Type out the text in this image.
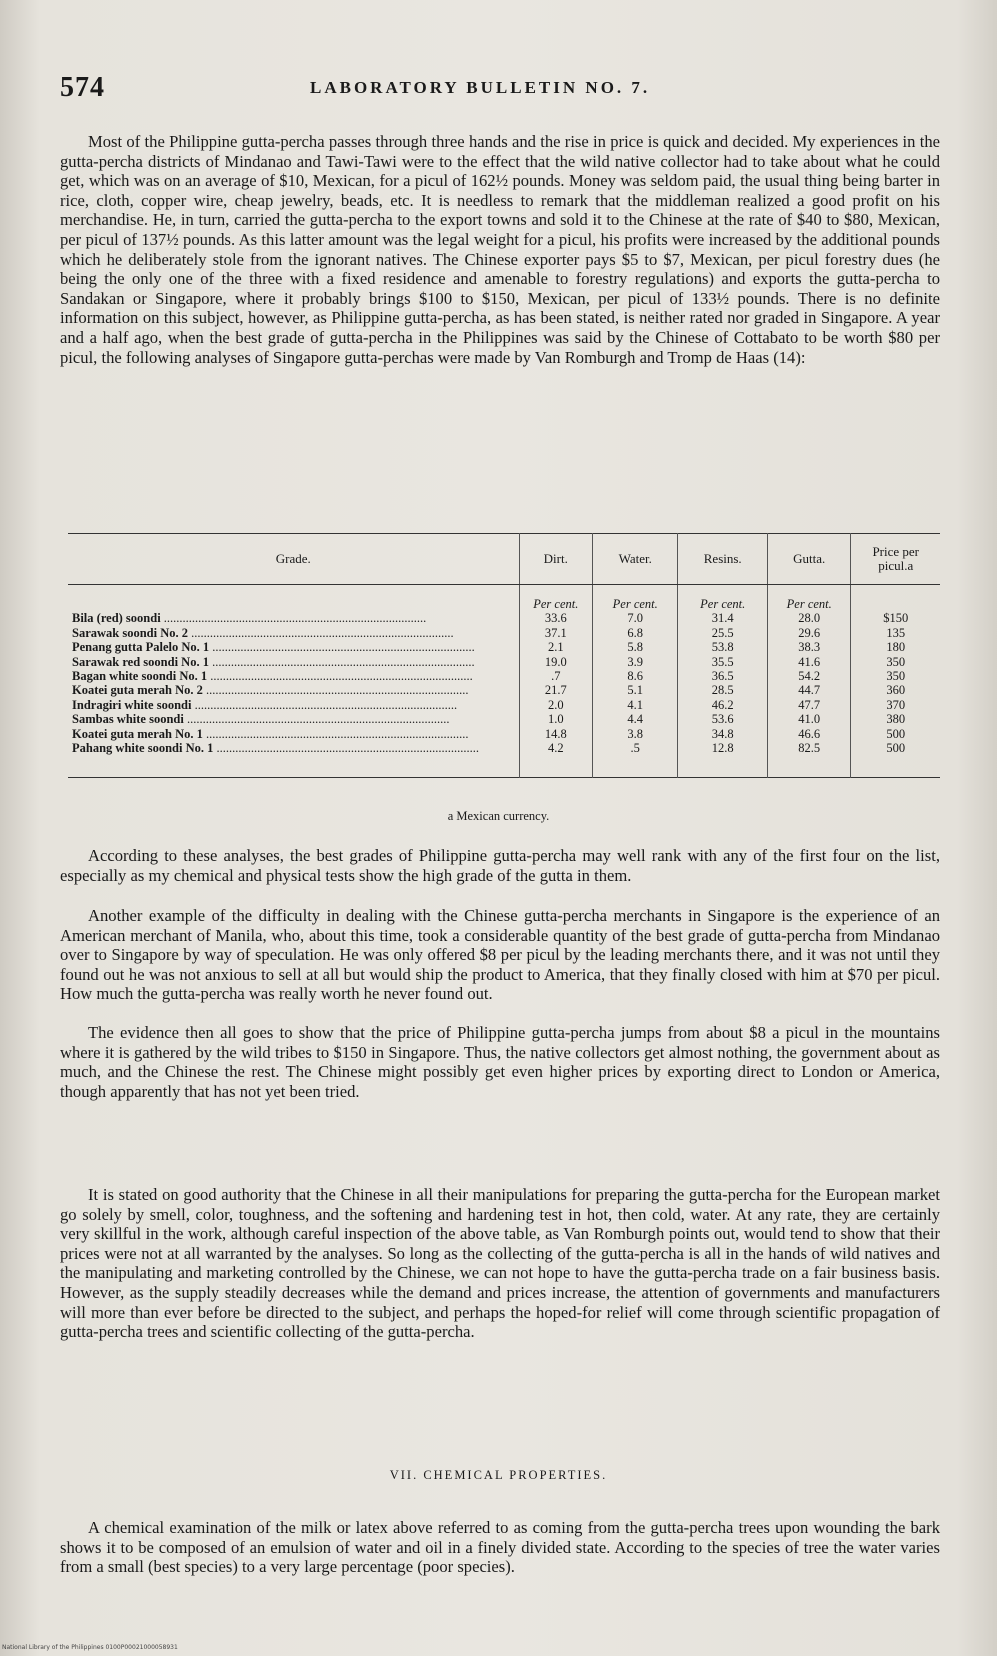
574	LABORATORY BULLETIN NO. 7.

Most of the Philippine gutta-percha passes through three hands and the rise in price is quick and decided. My experiences in the gutta-percha districts of Mindanao and Tawi-Tawi were to the effect that the wild native collector had to take about what he could get, which was on an average of $10, Mexican, for a picul of 162½ pounds. Money was seldom paid, the usual thing being barter in rice, cloth, copper wire, cheap jewelry, beads, etc. It is needless to remark that the middleman realized a good profit on his merchandise. He, in turn, carried the gutta-percha to the export towns and sold it to the Chinese at the rate of $40 to $80, Mexican, per picul of 137½ pounds. As this latter amount was the legal weight for a picul, his profits were increased by the additional pounds which he deliberately stole from the ignorant natives. The Chinese exporter pays $5 to $7, Mexican, per picul forestry dues (he being the only one of the three with a fixed residence and amenable to forestry regulations) and exports the gutta-percha to Sandakan or Singapore, where it probably brings $100 to $150, Mexican, per picul of 133½ pounds. There is no definite information on this subject, however, as Philippine gutta-percha, as has been stated, is neither rated nor graded in Singapore. A year and a half ago, when the best grade of gutta-percha in the Philippines was said by the Chinese of Cottabato to be worth $80 per picul, the following analyses of Singapore gutta-perchas were made by Van Romburgh and Tromp de Haas (14):

Grade.	Dirt.	Water.	Resins.	Gutta.	Price per picul.a
	Per cent.	Per cent.	Per cent.	Per cent.	
Bila (red) soondi .....	33.6	7.0	31.4	28.0	$150
Sarawak soondi No. 2 .....	37.1	6.8	25.5	29.6	135
Penang gutta Palelo No. 1 .....	2.1	5.8	53.8	38.3	180
Sarawak red soondi No. 1 .....	19.0	3.9	35.5	41.6	350
Bagan white soondi No. 1 .....	.7	8.6	36.5	54.2	350
Koatei guta merah No. 2 .....	21.7	5.1	28.5	44.7	360
Indragiri white soondi .....	2.0	4.1	46.2	47.7	370
Sambas white soondi .....	1.0	4.4	53.6	41.0	380
Koatei guta merah No. 1 .....	14.8	3.8	34.8	46.6	500
Pahang white soondi No. 1 .....	4.2	.5	12.8	82.5	500
a Mexican currency.

According to these analyses, the best grades of Philippine gutta-percha may well rank with any of the first four on the list, especially as my chemical and physical tests show the high grade of the gutta in them.

Another example of the difficulty in dealing with the Chinese gutta-percha merchants in Singapore is the experience of an American merchant of Manila, who, about this time, took a considerable quantity of the best grade of gutta-percha from Mindanao over to Singapore by way of speculation. He was only offered $8 per picul by the leading merchants there, and it was not until they found out he was not anxious to sell at all but would ship the product to America, that they finally closed with him at $70 per picul. How much the gutta-percha was really worth he never found out.

The evidence then all goes to show that the price of Philippine gutta-percha jumps from about $8 a picul in the mountains where it is gathered by the wild tribes to $150 in Singapore. Thus, the native collectors get almost nothing, the government about as much, and the Chinese the rest. The Chinese might possibly get even higher prices by exporting direct to London or America, though apparently that has not yet been tried.

It is stated on good authority that the Chinese in all their manipulations for preparing the gutta-percha for the European market go solely by smell, color, toughness, and the softening and hardening test in hot, then cold, water. At any rate, they are certainly very skillful in the work, although careful inspection of the above table, as Van Romburgh points out, would tend to show that their prices were not at all warranted by the analyses. So long as the collecting of the gutta-percha is all in the hands of wild natives and the manipulating and marketing controlled by the Chinese, we can not hope to have the gutta-percha trade on a fair business basis. However, as the supply steadily decreases while the demand and prices increase, the attention of governments and manufacturers will more than ever before be directed to the subject, and perhaps the hoped-for relief will come through scientific propagation of gutta-percha trees and scientific collecting of the gutta-percha.

VII. CHEMICAL PROPERTIES.

A chemical examination of the milk or latex above referred to as coming from the gutta-percha trees upon wounding the bark shows it to be composed of an emulsion of water and oil in a finely divided state. According to the species of tree the water varies from a small (best species) to a very large percentage (poor species).

National Library of the Philippines 0100P00021000058931
